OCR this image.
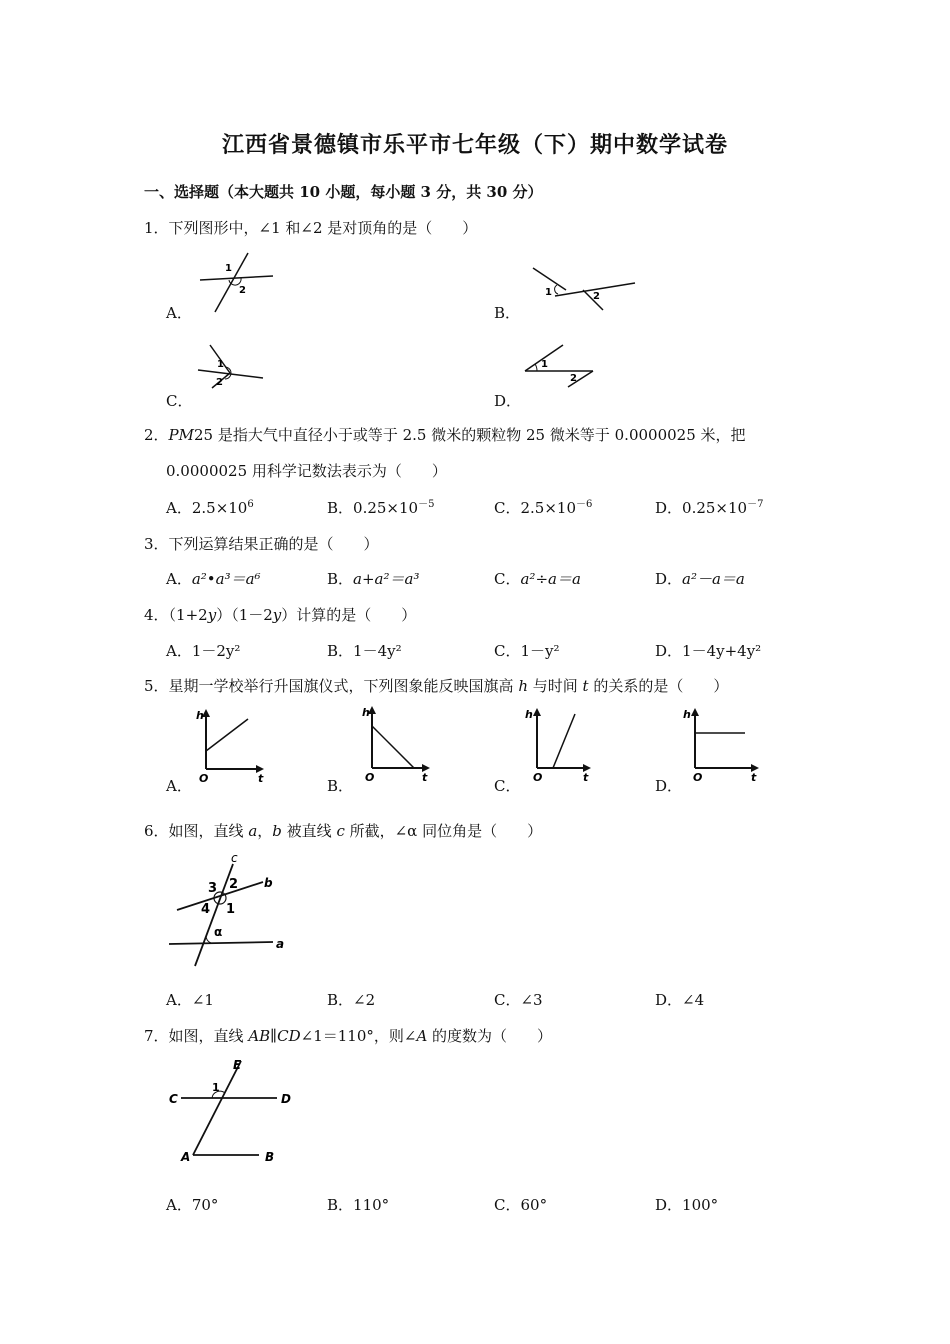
江西省景德镇市乐平市七年级（下）期中数学试卷
一、选择题（本大题共 10 小题，每小题 3 分，共 30 分）
1．下列图形中，∠1 和∠2 是对顶角的是（　　）
1
2
A．
1	2
B．
1
2
C．
1
2
D．
2．PM25 是指大气中直径小于或等于 2.5 微米的颗粒物 25 微米等于 0.0000025 米，把
0.0000025 用科学记数法表示为（　　）
A．$2.5\times 10^6$	B．$0.25\times 10^{-5}$	C．$2.5\times 10^{-6}$	D．$0.25\times 10^{-7}$
3．下列运算结果正确的是（　　）
A．a²•a³＝a⁶	B．a+a²＝a³	C．a²÷a＝a	D．a²－a＝a
4．（1+2y）（1－2y）计算的是（　　）
A．1－2y²	B．1－4y²	C．1－y²	D．1－4y+4y²
5．星期一学校举行升国旗仪式，下列图象能反映国旗高 h 与时间 t 的关系的是（　　）
h
O	t
A．
h
O	t
B．
h
O	t
C．
h
O	t
D．
6．如图，直线 a，b 被直线 c 所截，∠α 同位角是（　　）
c
b
a
3 2
4 1
α
A．∠1	B．∠2	C．∠3	D．∠4
7．如图，直线 AB∥CD∠1＝110°，则∠A 的度数为（　　）
E
C	D
A	B
1
A．70°	B．110°	C．60°	D．100°
